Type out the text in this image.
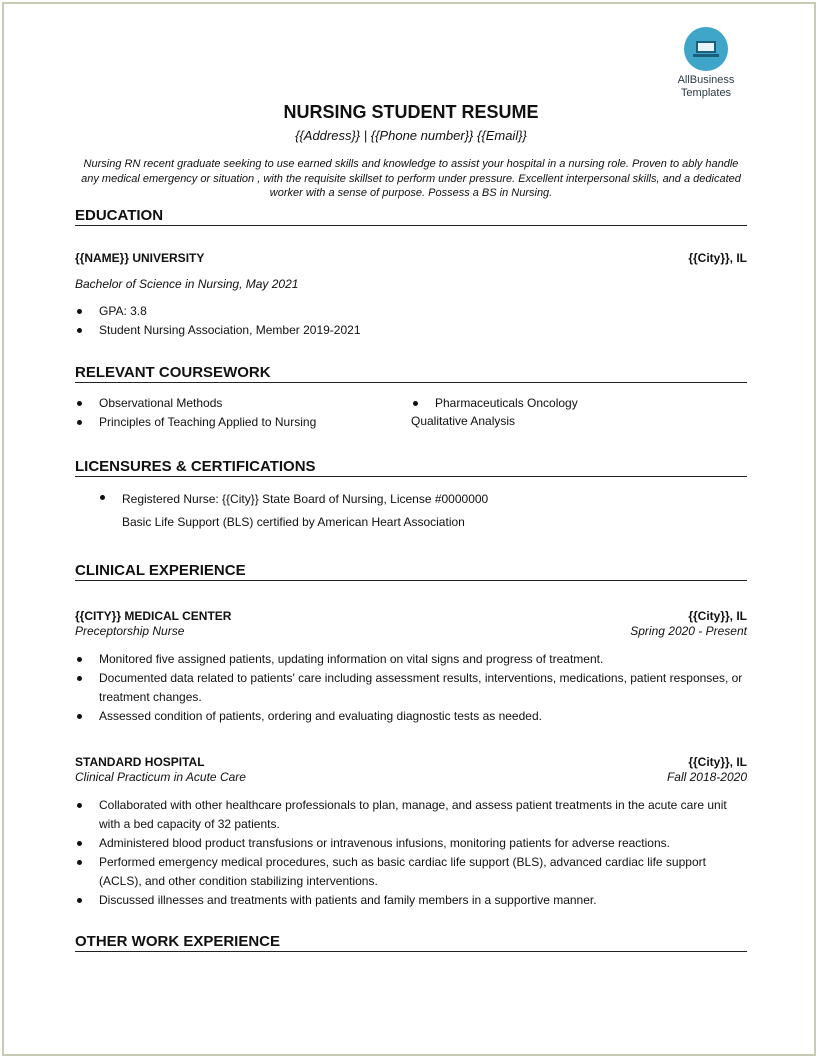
AllBusiness
Templates
NURSING STUDENT RESUME
{{Address}} | {{Phone number}} {{Email}}
Nursing RN recent graduate seeking to use earned skills and knowledge to assist your hospital in a nursing role. Proven to ably handle any medical emergency or situation , with the requisite skillset to perform under pressure. Excellent interpersonal skills, and a dedicated worker with a sense of purpose. Possess a BS in Nursing.
EDUCATION
{{NAME}} UNIVERSITY	{{City}}, IL
Bachelor of Science in Nursing, May 2021
GPA: 3.8
Student Nursing Association, Member 2019-2021
RELEVANT COURSEWORK
Observational Methods
Principles of Teaching Applied to Nursing
Pharmaceuticals Oncology
Qualitative Analysis
LICENSURES & CERTIFICATIONS
Registered Nurse: {{City}} State Board of Nursing, License #0000000
Basic Life Support (BLS) certified by American Heart Association
CLINICAL EXPERIENCE
{{CITY}} MEDICAL CENTER	{{City}}, IL
Preceptorship Nurse	Spring 2020 - Present
Monitored five assigned patients, updating information on vital signs and progress of treatment.
Documented data related to patients' care including assessment results, interventions, medications, patient responses, or treatment changes.
Assessed condition of patients, ordering and evaluating diagnostic tests as needed.
STANDARD HOSPITAL	{{City}}, IL
Clinical Practicum in Acute Care	Fall 2018-2020
Collaborated with other healthcare professionals to plan, manage, and assess patient treatments in the acute care unit with a bed capacity of 32 patients.
Administered blood product transfusions or intravenous infusions, monitoring patients for adverse reactions.
Performed emergency medical procedures, such as basic cardiac life support (BLS), advanced cardiac life support (ACLS), and other condition stabilizing interventions.
Discussed illnesses and treatments with patients and family members in a supportive manner.
OTHER WORK EXPERIENCE
